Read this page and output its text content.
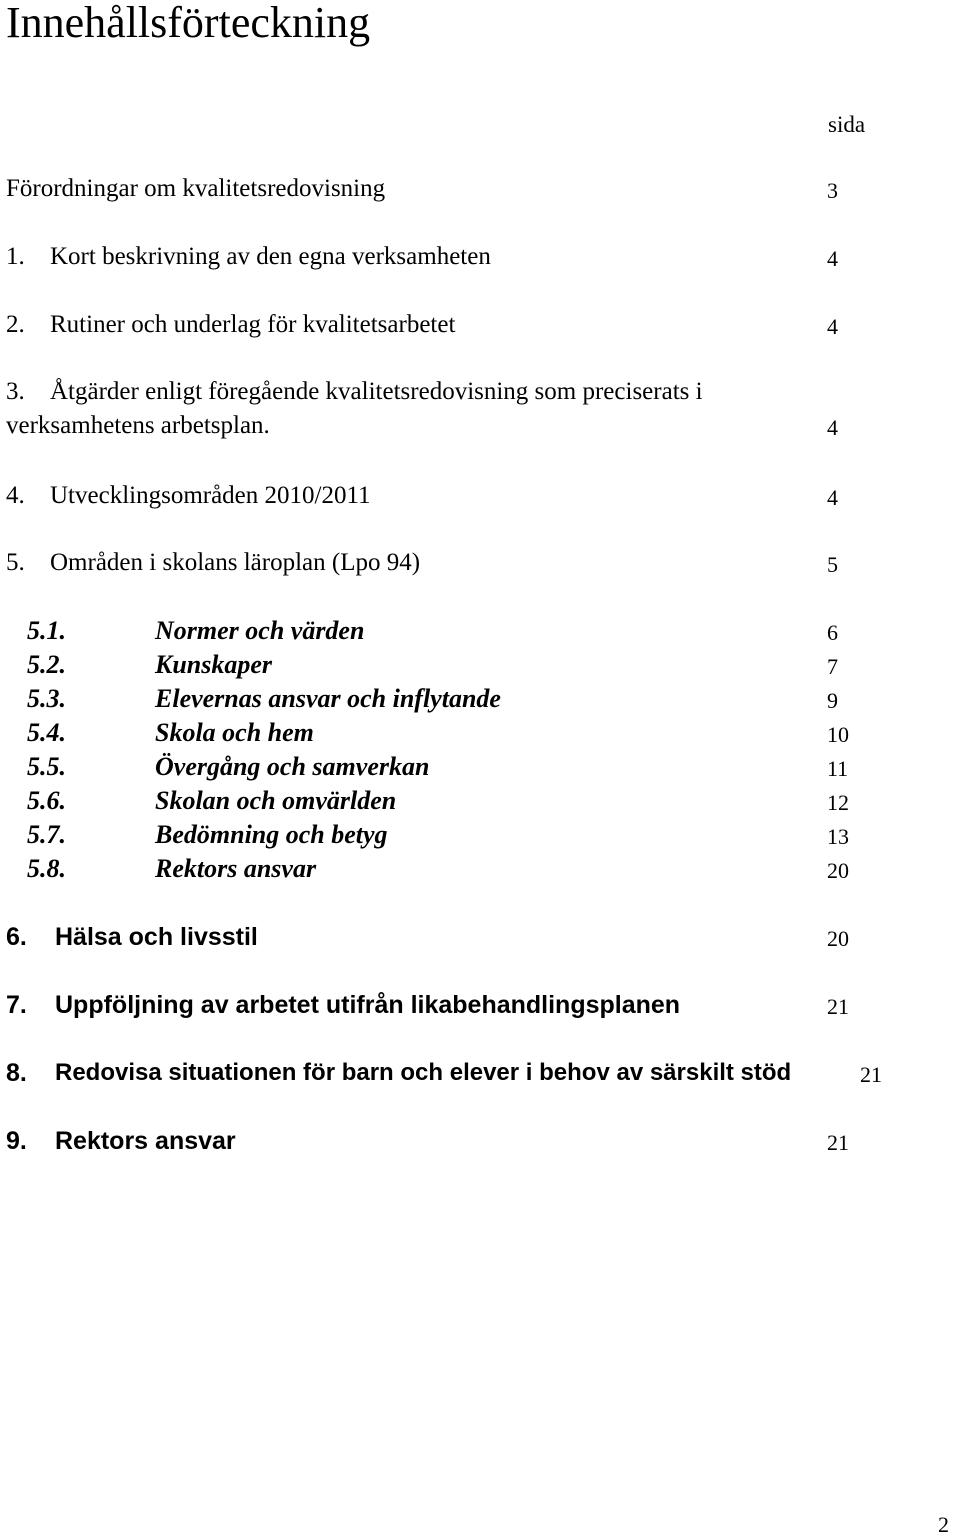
Innehållsförteckning
sida
Förordningar om kvalitetsredovisning	3
1. Kort beskrivning av den egna verksamheten	4
2. Rutiner och underlag för kvalitetsarbetet	4
3. Åtgärder enligt föregående kvalitetsredovisning som preciserats i
verksamhetens arbetsplan.	4
4. Utvecklingsområden 2010/2011	4
5. Områden i skolans läroplan (Lpo 94)	5
5.1.	Normer och värden	6
5.2.	Kunskaper	7
5.3.	Elevernas ansvar och inflytande	9
5.4.	Skola och hem	10
5.5.	Övergång och samverkan	11
5.6.	Skolan och omvärlden	12
5.7.	Bedömning och betyg	13
5.8.	Rektors ansvar	20
6. Hälsa och livsstil	20
7. Uppföljning av arbetet utifrån likabehandlingsplanen	21
8. Redovisa situationen för barn och elever i behov av särskilt stöd	21
9. Rektors ansvar	21
2
